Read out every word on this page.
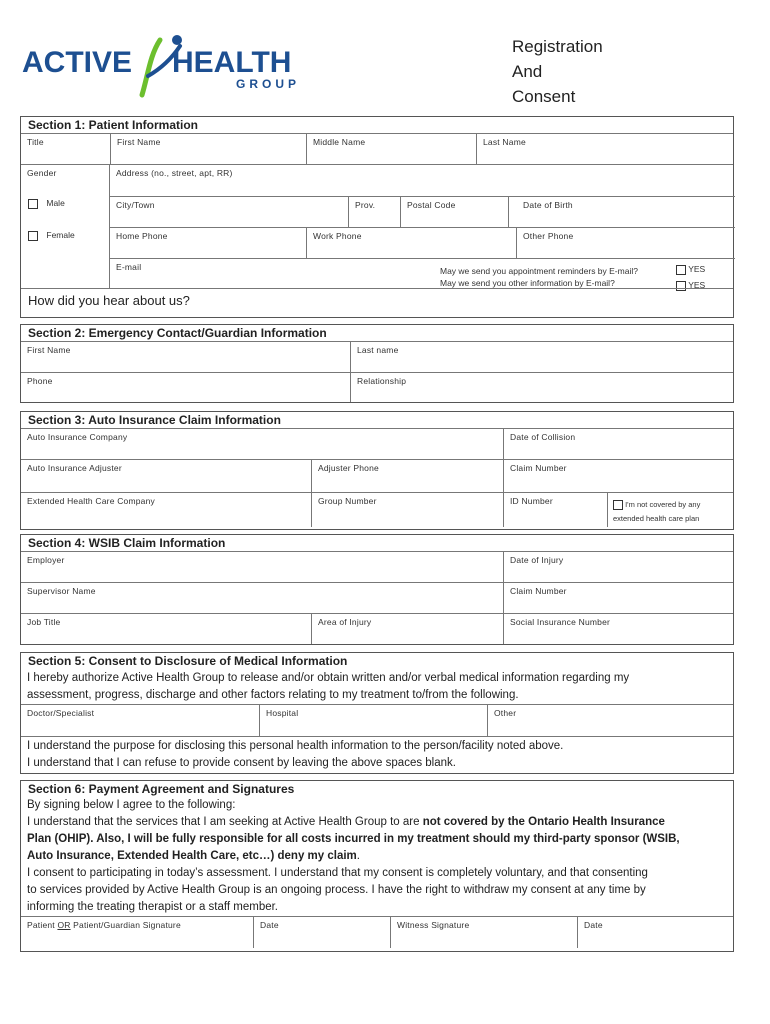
ACTIVE HEALTH
GROUP
Registration
And
Consent
Section 1: Patient Information
Title	First Name	Middle Name	Last Name
Gender
Male
Female
Address (no., street, apt, RR)
City/Town	Prov.	Postal Code	Date of Birth
Home Phone	Work Phone	Other Phone
E-mail	May we send you appointment reminders by E-mail?
May we send you other information by E-mail?
YES
YES
How did you hear about us?
Section 2: Emergency Contact/Guardian Information
First Name	Last name
Phone	Relationship
Section 3: Auto Insurance Claim Information
Auto Insurance Company	Date of Collision
Auto Insurance Adjuster	Adjuster Phone	Claim Number
Extended Health Care Company	Group Number	ID Number	I'm not covered by any
extended health care plan
Section 4: WSIB Claim Information
Employer	Date of Injury
Supervisor Name	Claim Number
Job Title	Area of Injury	Social Insurance Number
Section 5: Consent to Disclosure of Medical Information
I hereby authorize Active Health Group to release and/or obtain written and/or verbal medical information regarding my
assessment, progress, discharge and other factors relating to my treatment to/from the following.
Doctor/Specialist	Hospital	Other
I understand the purpose for disclosing this personal health information to the person/facility noted above.
I understand that I can refuse to provide consent by leaving the above spaces blank.
Section 6: Payment Agreement and Signatures
By signing below I agree to the following:
I understand that the services that I am seeking at Active Health Group to are not covered by the Ontario Health Insurance
Plan (OHIP). Also, I will be fully responsible for all costs incurred in my treatment should my third-party sponsor (WSIB,
Auto Insurance, Extended Health Care, etc…) deny my claim.
I consent to participating in today’s assessment. I understand that my consent is completely voluntary, and that consenting
to services provided by Active Health Group is an ongoing process. I have the right to withdraw my consent at any time by
informing the treating therapist or a staff member.
Patient OR Patient/Guardian Signature	Date	Witness Signature	Date
